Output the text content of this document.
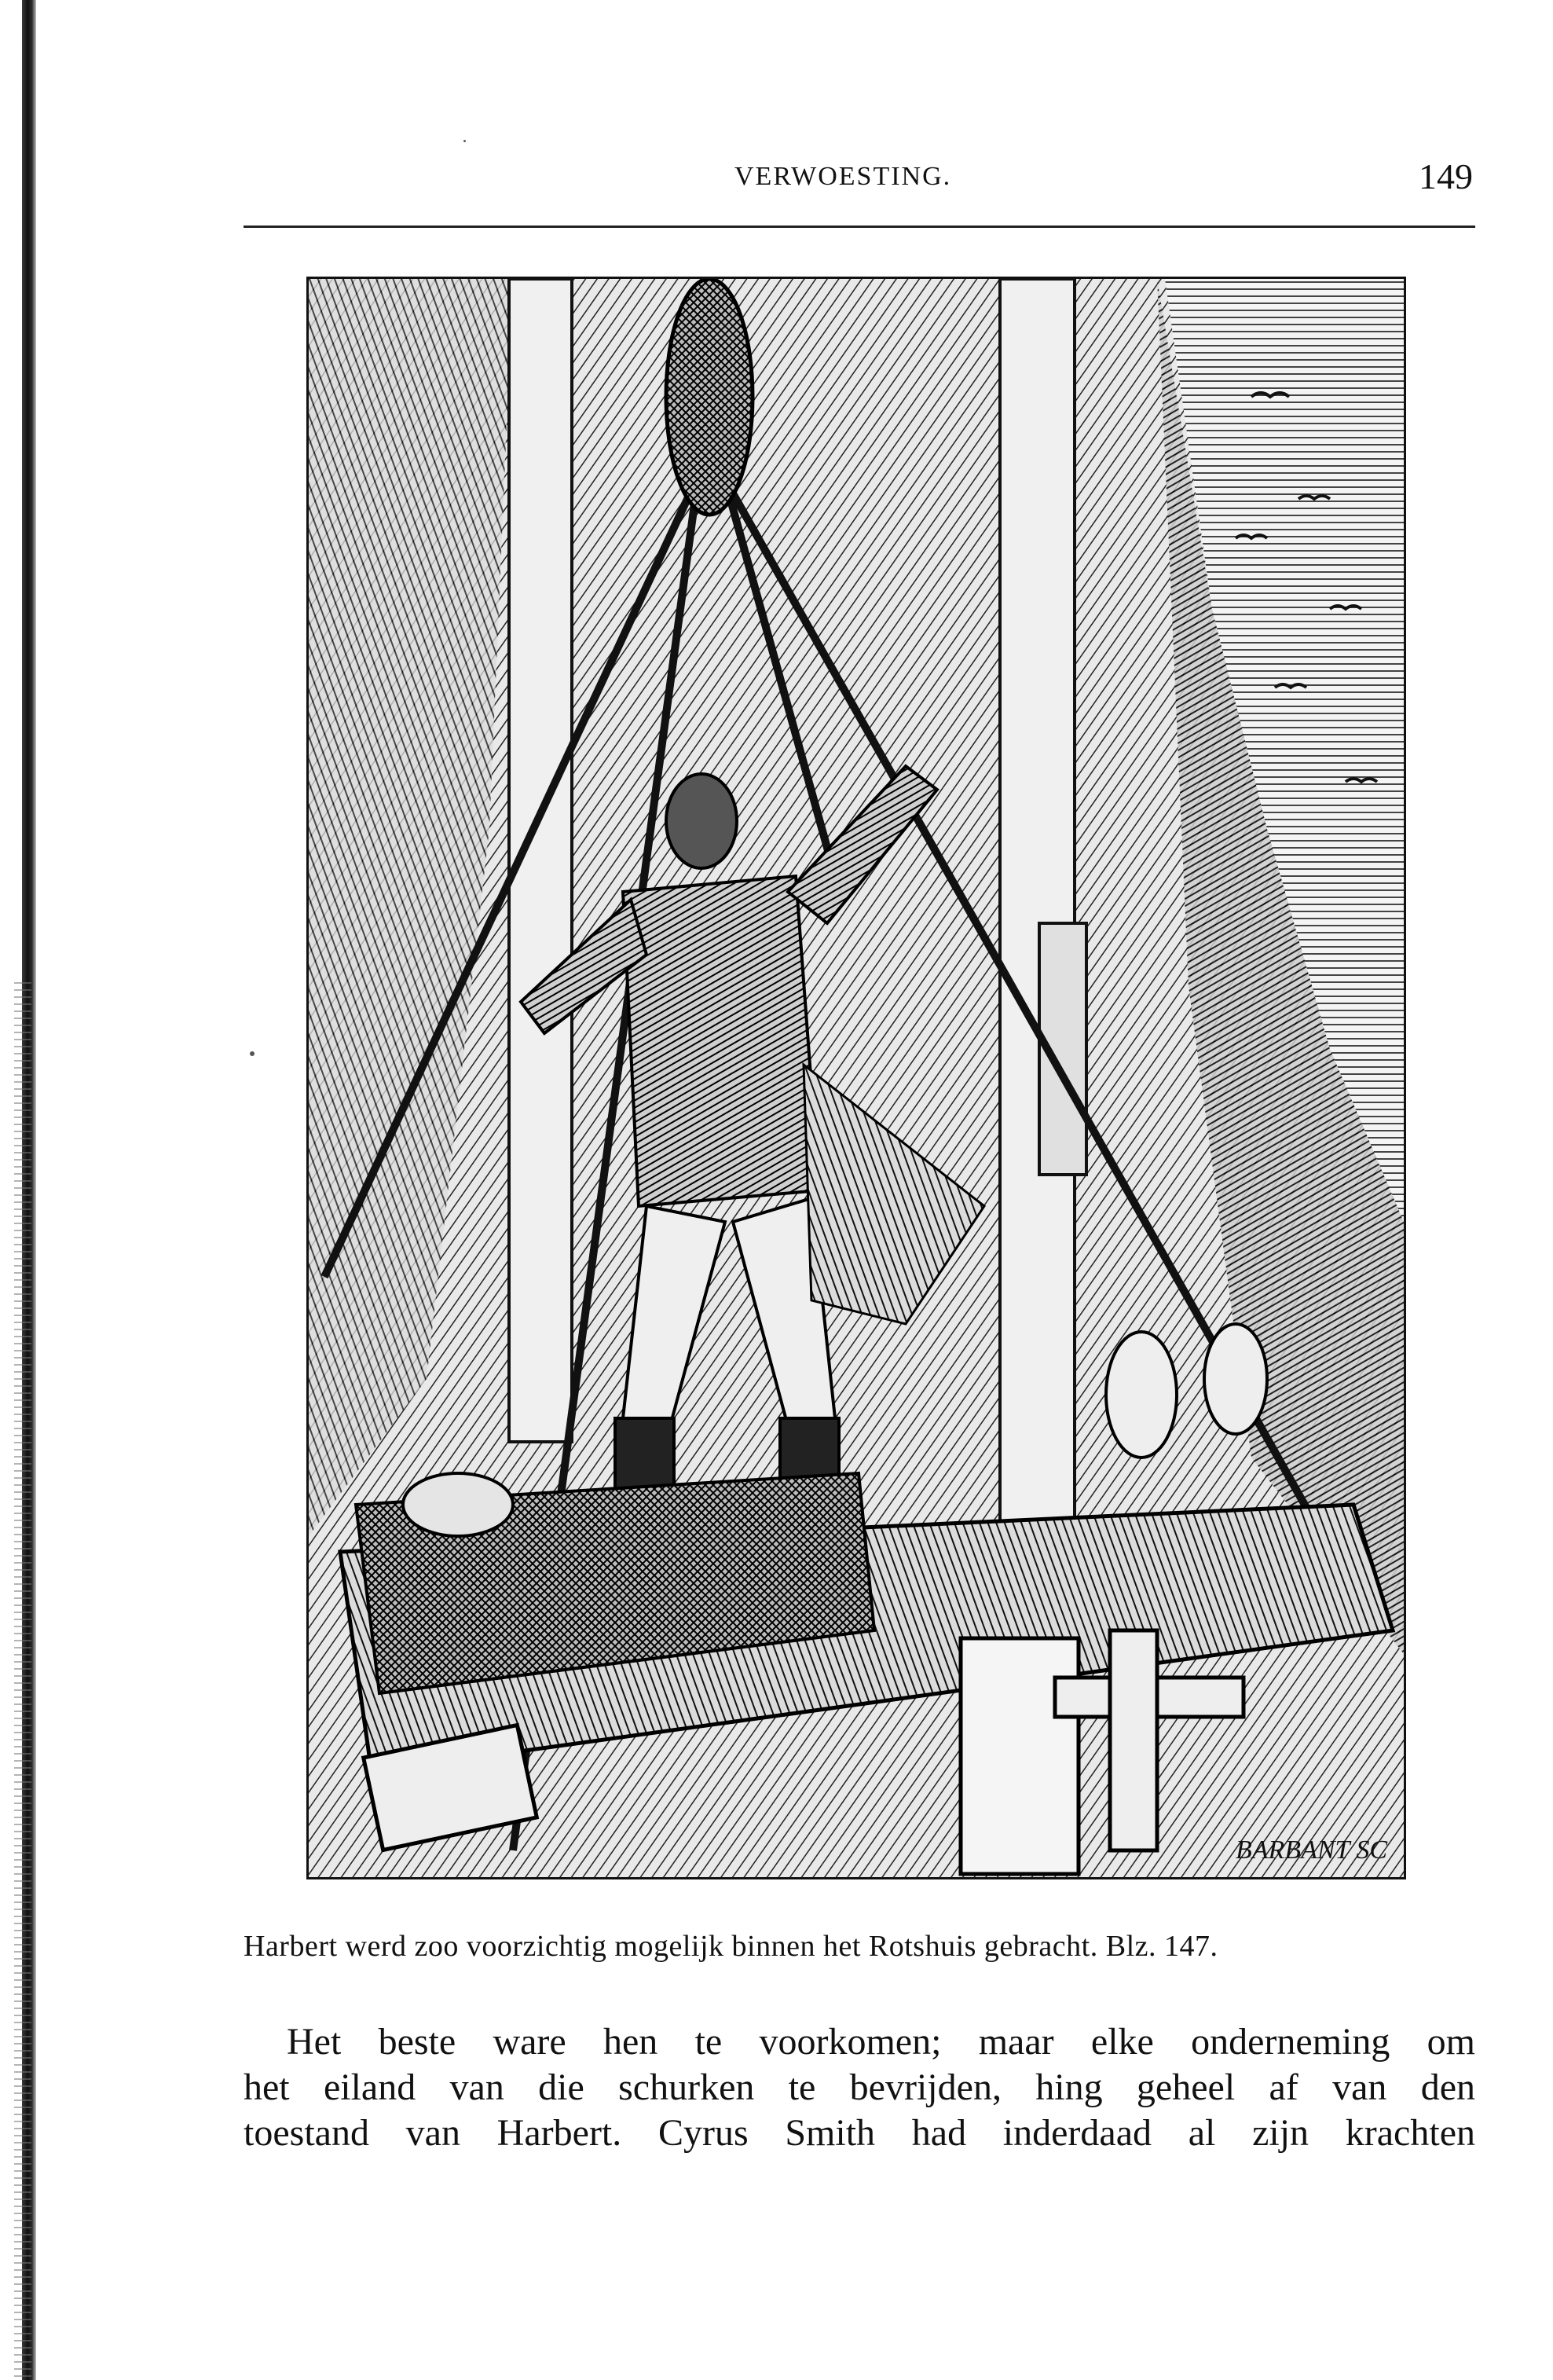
VERWOESTING.	149
BARBANT SC
Harbert werd zoo voorzichtig mogelijk binnen het Rotshuis gebracht. Blz. 147.
Het beste ware hen te voorkomen; maar elke onderneming om
het eiland van die schurken te bevrijden, hing geheel af van den
toestand van Harbert. Cyrus Smith had inderdaad al zijn krachten
